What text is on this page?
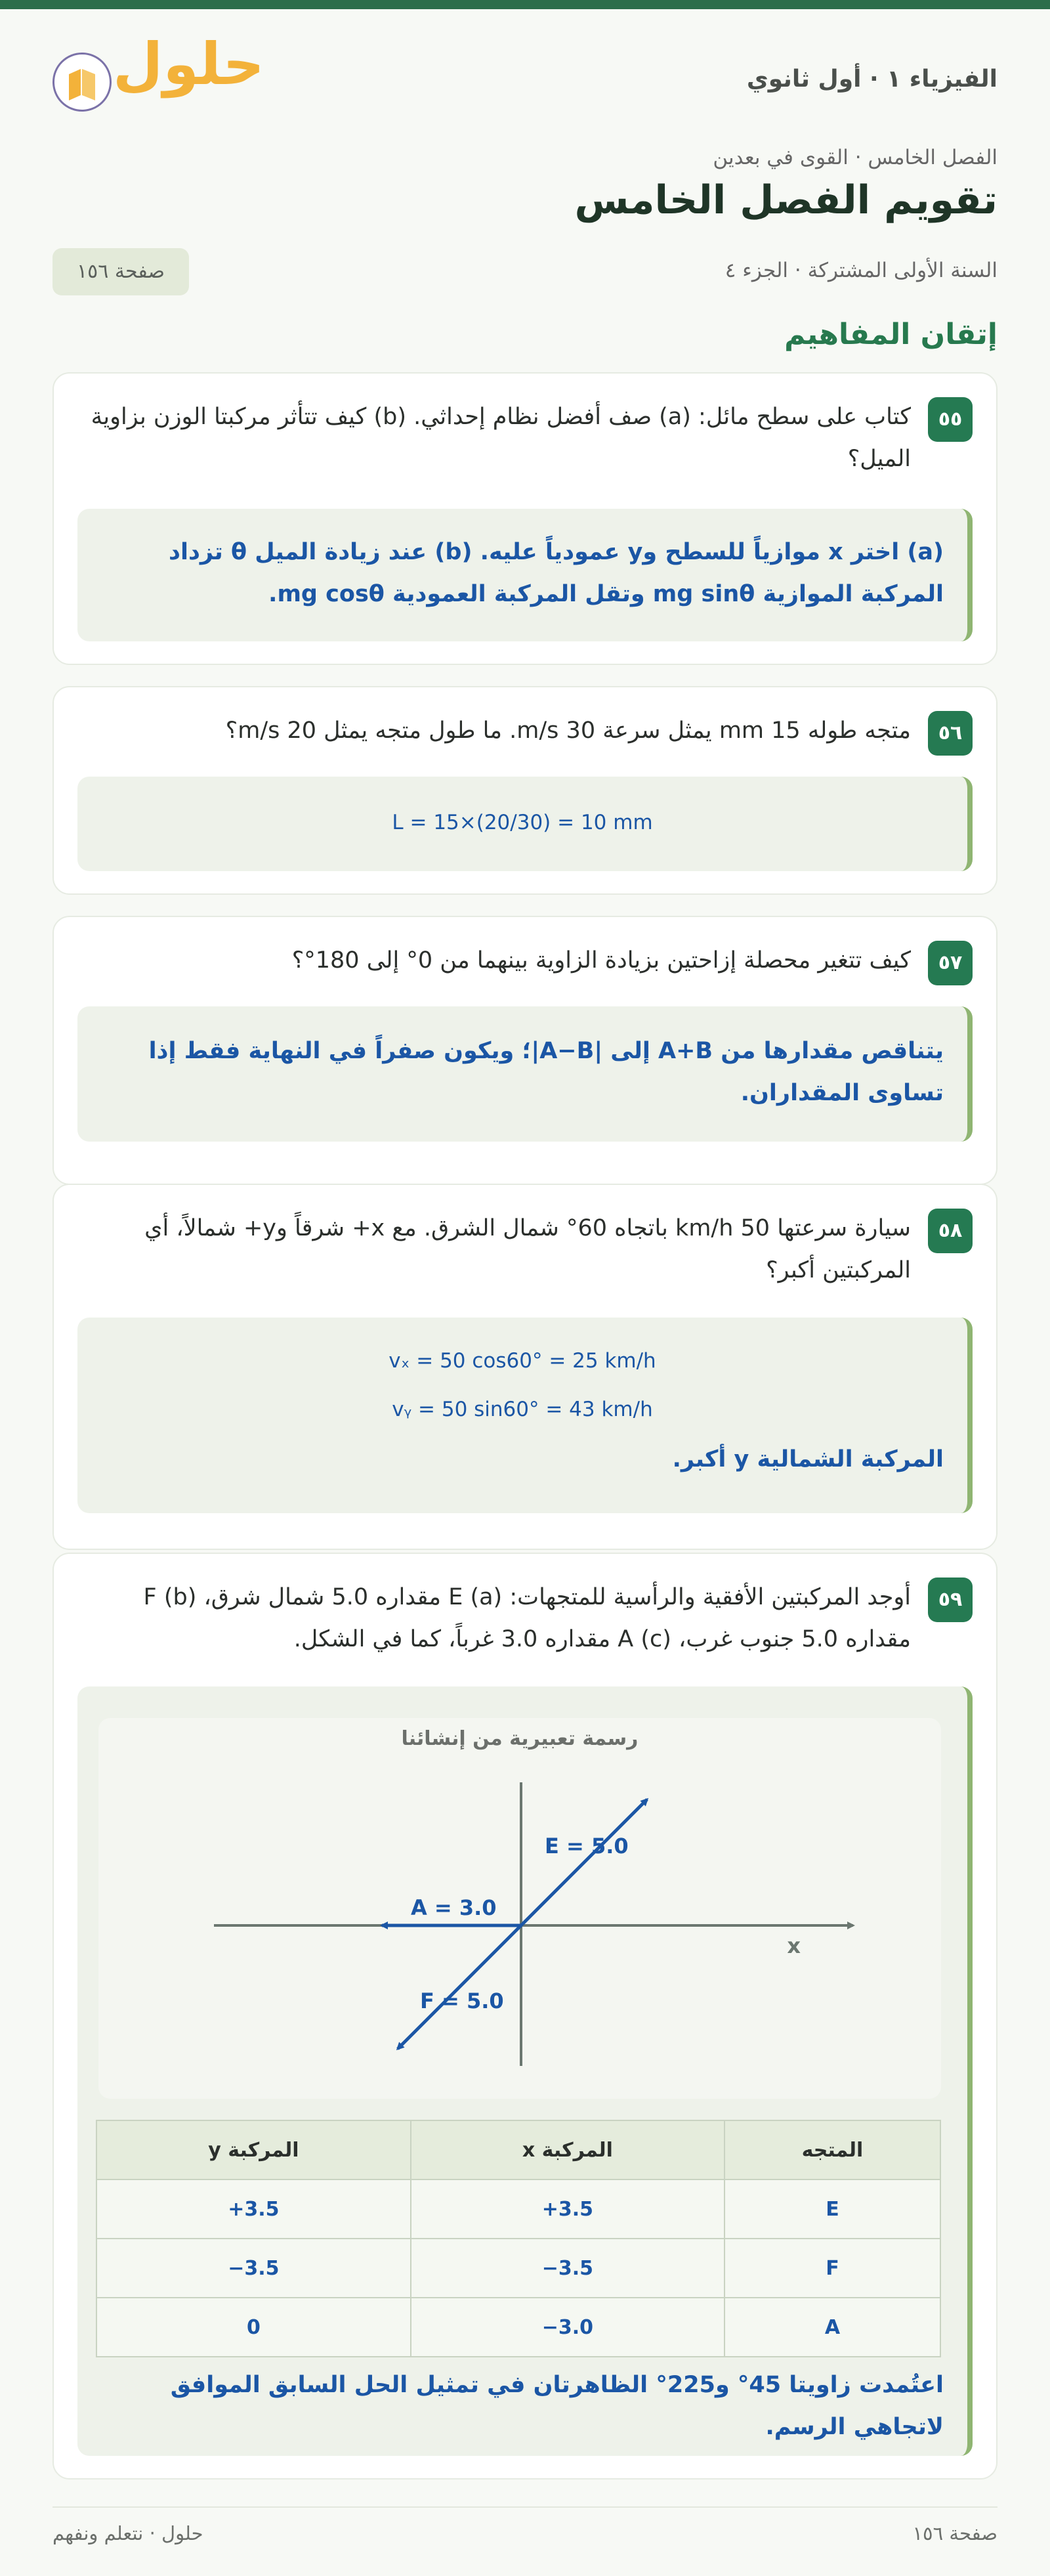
الفيزياء ١ · أول ثانوي
حلول
الفصل الخامس · القوى في بعدين
تقويم الفصل الخامس
السنة الأولى المشتركة · الجزء ٤
صفحة ١٥٦
إتقان المفاهيم
٥٥
كتاب على سطح مائل: (a) صف أفضل نظام إحداثي. (b) كيف تتأثر مركبتا الوزن بزاوية الميل؟
(a) اختر x موازياً للسطح وy عمودياً عليه. (b) عند زيادة الميل θ تزداد المركبة الموازية mg sinθ وتقل المركبة العمودية mg cosθ.
٥٦
متجه طوله 15 mm يمثل سرعة 30 m/s. ما طول متجه يمثل 20 m/s؟
L = 15×(20/30) = 10 mm
٥٧
كيف تتغير محصلة إزاحتين بزيادة الزاوية بينهما من 0° إلى 180°؟
يتناقص مقدارها من A+B إلى |A−B|؛ ويكون صفراً في النهاية فقط إذا تساوى المقداران.
٥٨
سيارة سرعتها 50 km/h باتجاه 60° شمال الشرق. مع x+ شرقاً وy+ شمالاً، أي المركبتين أكبر؟
vₓ = 50 cos60° = 25 km/h
vᵧ = 50 sin60° = 43 km/h
المركبة الشمالية y أكبر.
٥٩
أوجد المركبتين الأفقية والرأسية للمتجهات: (a) E مقداره 5.0 شمال شرق، (b) F مقداره 5.0 جنوب غرب، (c) A مقداره 3.0 غرباً، كما في الشكل.
رسمة تعبيرية من إنشائنا
E = 5.0
A = 3.0
F = 5.0
x
المتجه	المركبة x	المركبة y
E	+3.5	+3.5
F	−3.5	−3.5
A	−3.0	0
اعتُمدت زاويتا 45° و225° الظاهرتان في تمثيل الحل السابق الموافق لاتجاهي الرسم.
صفحة ١٥٦
حلول · نتعلم ونفهم
